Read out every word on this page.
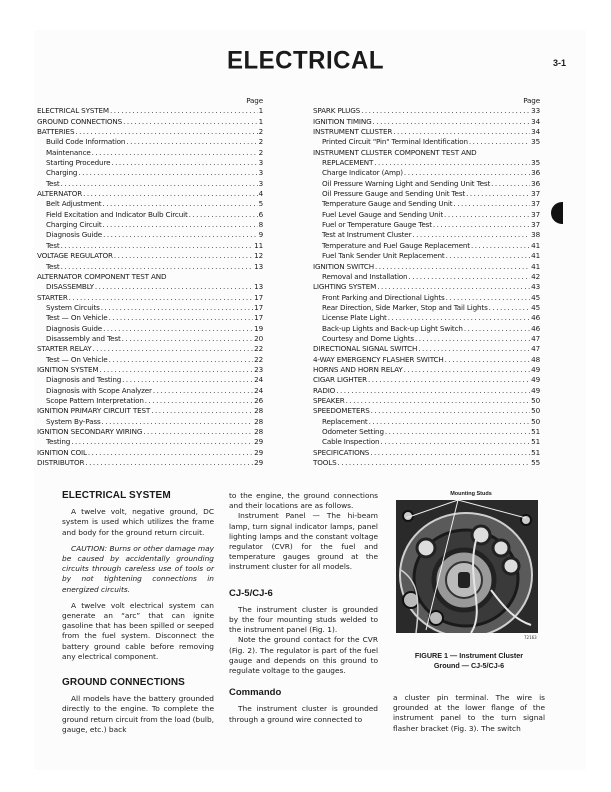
ELECTRICAL	3-1
Page
ELECTRICAL SYSTEM . . .	1
GROUND CONNECTIONS . . .	1
BATTERIES . . .	2
Build Code Information . . .	2
Maintenance . . .	2
Starting Procedure . . .	3
Charging . . .	3
Test . . .	3
ALTERNATOR . . .	4
Belt Adjustment . . .	5
Field Excitation and Indicator Bulb Circuit . . .	6
Charging Circuit . . .	8
Diagnosis Guide . . .	9
Test . . .	11
VOLTAGE REGULATOR . . .	12
Test . . .	13
ALTERNATOR COMPONENT TEST AND
DISASSEMBLY . . .	13
STARTER . . .	17
System Circuits . . .	17
Test — On Vehicle . . .	17
Diagnosis Guide . . .	19
Disassembly and Test . . .	20
STARTER RELAY . . .	22
Test — On Vehicle . . .	22
IGNITION SYSTEM . . .	23
Diagnosis and Testing . . .	24
Diagnosis with Scope Analyzer . . .	24
Scope Pattern Interpretation . . .	26
IGNITION PRIMARY CIRCUIT TEST . . .	28
System By-Pass . . .	28
IGNITION SECONDARY WIRING . . .	28
Testing . . .	29
IGNITION COIL . . .	29
DISTRIBUTOR . . .	29
Page
SPARK PLUGS . . .	33
IGNITION TIMING . . .	34
INSTRUMENT CLUSTER . . .	34
Printed Circuit "Pin" Terminal Identification . . .	35
INSTRUMENT CLUSTER COMPONENT TEST AND
REPLACEMENT . . .	35
Charge Indicator (Amp) . . .	36
Oil Pressure Warning Light and Sending Unit Test . . .	36
Oil Pressure Gauge and Sending Unit Test . . .	37
Temperature Gauge and Sending Unit . . .	37
Fuel Level Gauge and Sending Unit . . .	37
Fuel or Temperature Gauge Test . . .	37
Test at Instrument Cluster . . .	38
Temperature and Fuel Gauge Replacement . . .	41
Fuel Tank Sender Unit Replacement . . .	41
IGNITION SWITCH . . .	41
Removal and Installation . . .	42
LIGHTING SYSTEM . . .	43
Front Parking and Directional Lights . . .	45
Rear Direction, Side Marker, Stop and Tail Lights . . .	45
License Plate Light . . .	46
Back-up Lights and Back-up Light Switch . . .	46
Courtesy and Dome Lights . . .	47
DIRECTIONAL SIGNAL SWITCH . . .	47
4-WAY EMERGENCY FLASHER SWITCH . . .	48
HORNS AND HORN RELAY . . .	49
CIGAR LIGHTER . . .	49
RADIO . . .	49
SPEAKER . . .	50
SPEEDOMETERS . . .	50
Replacement . . .	50
Odometer Setting . . .	51
Cable Inspection . . .	51
SPECIFICATIONS . . .	51
TOOLS . . .	55
ELECTRICAL SYSTEM

A twelve volt, negative ground, DC system is used which utilizes the frame and body for the ground return circuit.

CAUTION: Burns or other damage may be caused by accidentally grounding circuits through careless use of tools or by not tightening connections in energized circuits.

A twelve volt electrical system can generate an “arc” that can ignite gasoline that has been spilled or seeped from the fuel system. Disconnect the battery ground cable before removing any electrical component.

GROUND CONNECTIONS

All models have the battery grounded directly to the engine. To complete the ground return circuit from the load (bulb, gauge, etc.) back

to the engine, the ground connections and their locations are as follows.

Instrument Panel — The hi-beam lamp, turn signal indicator lamps, panel lighting lamps and the constant voltage regulator (CVR) for the fuel and temperature gauges ground at the instrument cluster for all models.

CJ-5/CJ-6

The instrument cluster is grounded by the four mounting studs welded to the instrument panel (Fig. 1).

Note the ground contact for the CVR (Fig. 2). The regulator is part of the fuel gauge and depends on this ground to regulate voltage to the gauges.

Commando

The instrument cluster is grounded through a ground wire connected to

Mounting Studs
72163
FIGURE 1 — Instrument Cluster
Ground — CJ-5/CJ-6

a cluster pin terminal. The wire is grounded at the lower flange of the instrument panel to the turn signal flasher bracket (Fig. 3). The switch
